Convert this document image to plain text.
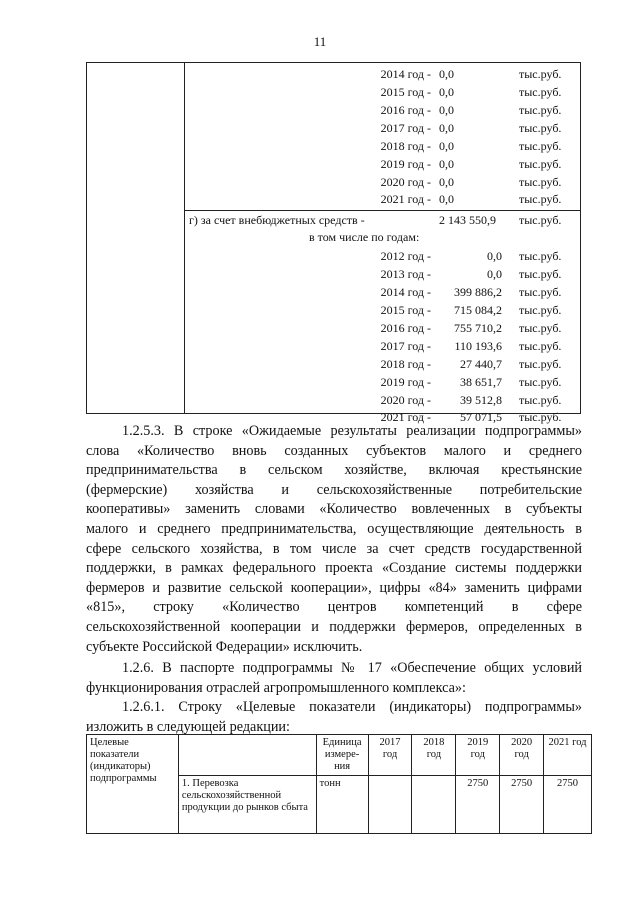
11
2014 год - 0,0	тыс.руб.
2015 год - 0,0	тыс.руб.
2016 год - 0,0	тыс.руб.
2017 год - 0,0	тыс.руб.
2018 год - 0,0	тыс.руб.
2019 год - 0,0	тыс.руб.
2020 год - 0,0	тыс.руб.
2021 год - 0,0	тыс.руб.
г) за счет внебюджетных средств -	2 143 550,9 тыс.руб.
в том числе по годам:
2012 год -	0,0 тыс.руб.
2013 год -	0,0 тыс.руб.
2014 год - 399 886,2 тыс.руб.
2015 год - 715 084,2 тыс.руб.
2016 год - 755 710,2 тыс.руб.
2017 год - 110 193,6 тыс.руб.
2018 год - 27 440,7 тыс.руб.
2019 год - 38 651,7 тыс.руб.
2020 год - 39 512,8 тыс.руб.
2021 год - 57 071,5 тыс.руб.
1.2.5.3. В строке «Ожидаемые результаты реализации подпрограммы»
слова «Количество вновь созданных субъектов малого и среднего
предпринимательства в сельском хозяйстве, включая крестьянские
(фермерские) хозяйства и сельскохозяйственные потребительские
кооперативы» заменить словами «Количество вовлеченных в субъекты
малого и среднего предпринимательства, осуществляющие деятельность в
сфере сельского хозяйства, в том числе за счет средств государственной
поддержки, в рамках федерального проекта «Создание системы поддержки
фермеров и развитие сельской кооперации», цифры «84» заменить цифрами
«815», строку «Количество центров компетенций в сфере
сельскохозяйственной кооперации и поддержки фермеров, определенных в
субъекте Российской Федерации» исключить.
1.2.6. В паспорте подпрограммы № 17 «Обеспечение общих условий
функционирования отраслей агропромышленного комплекса»:
1.2.6.1. Строку «Целевые показатели (индикаторы) подпрограммы»
изложить в следующей редакции:
Целевые показатели (индикаторы) подпрограммы		Единица измере-ния	2017 год	2018 год	2019 год	2020 год	2021 год
	1. Перевозка сельскохозяйственной продукции до рынков сбыта	тонн			2750	2750	2750
